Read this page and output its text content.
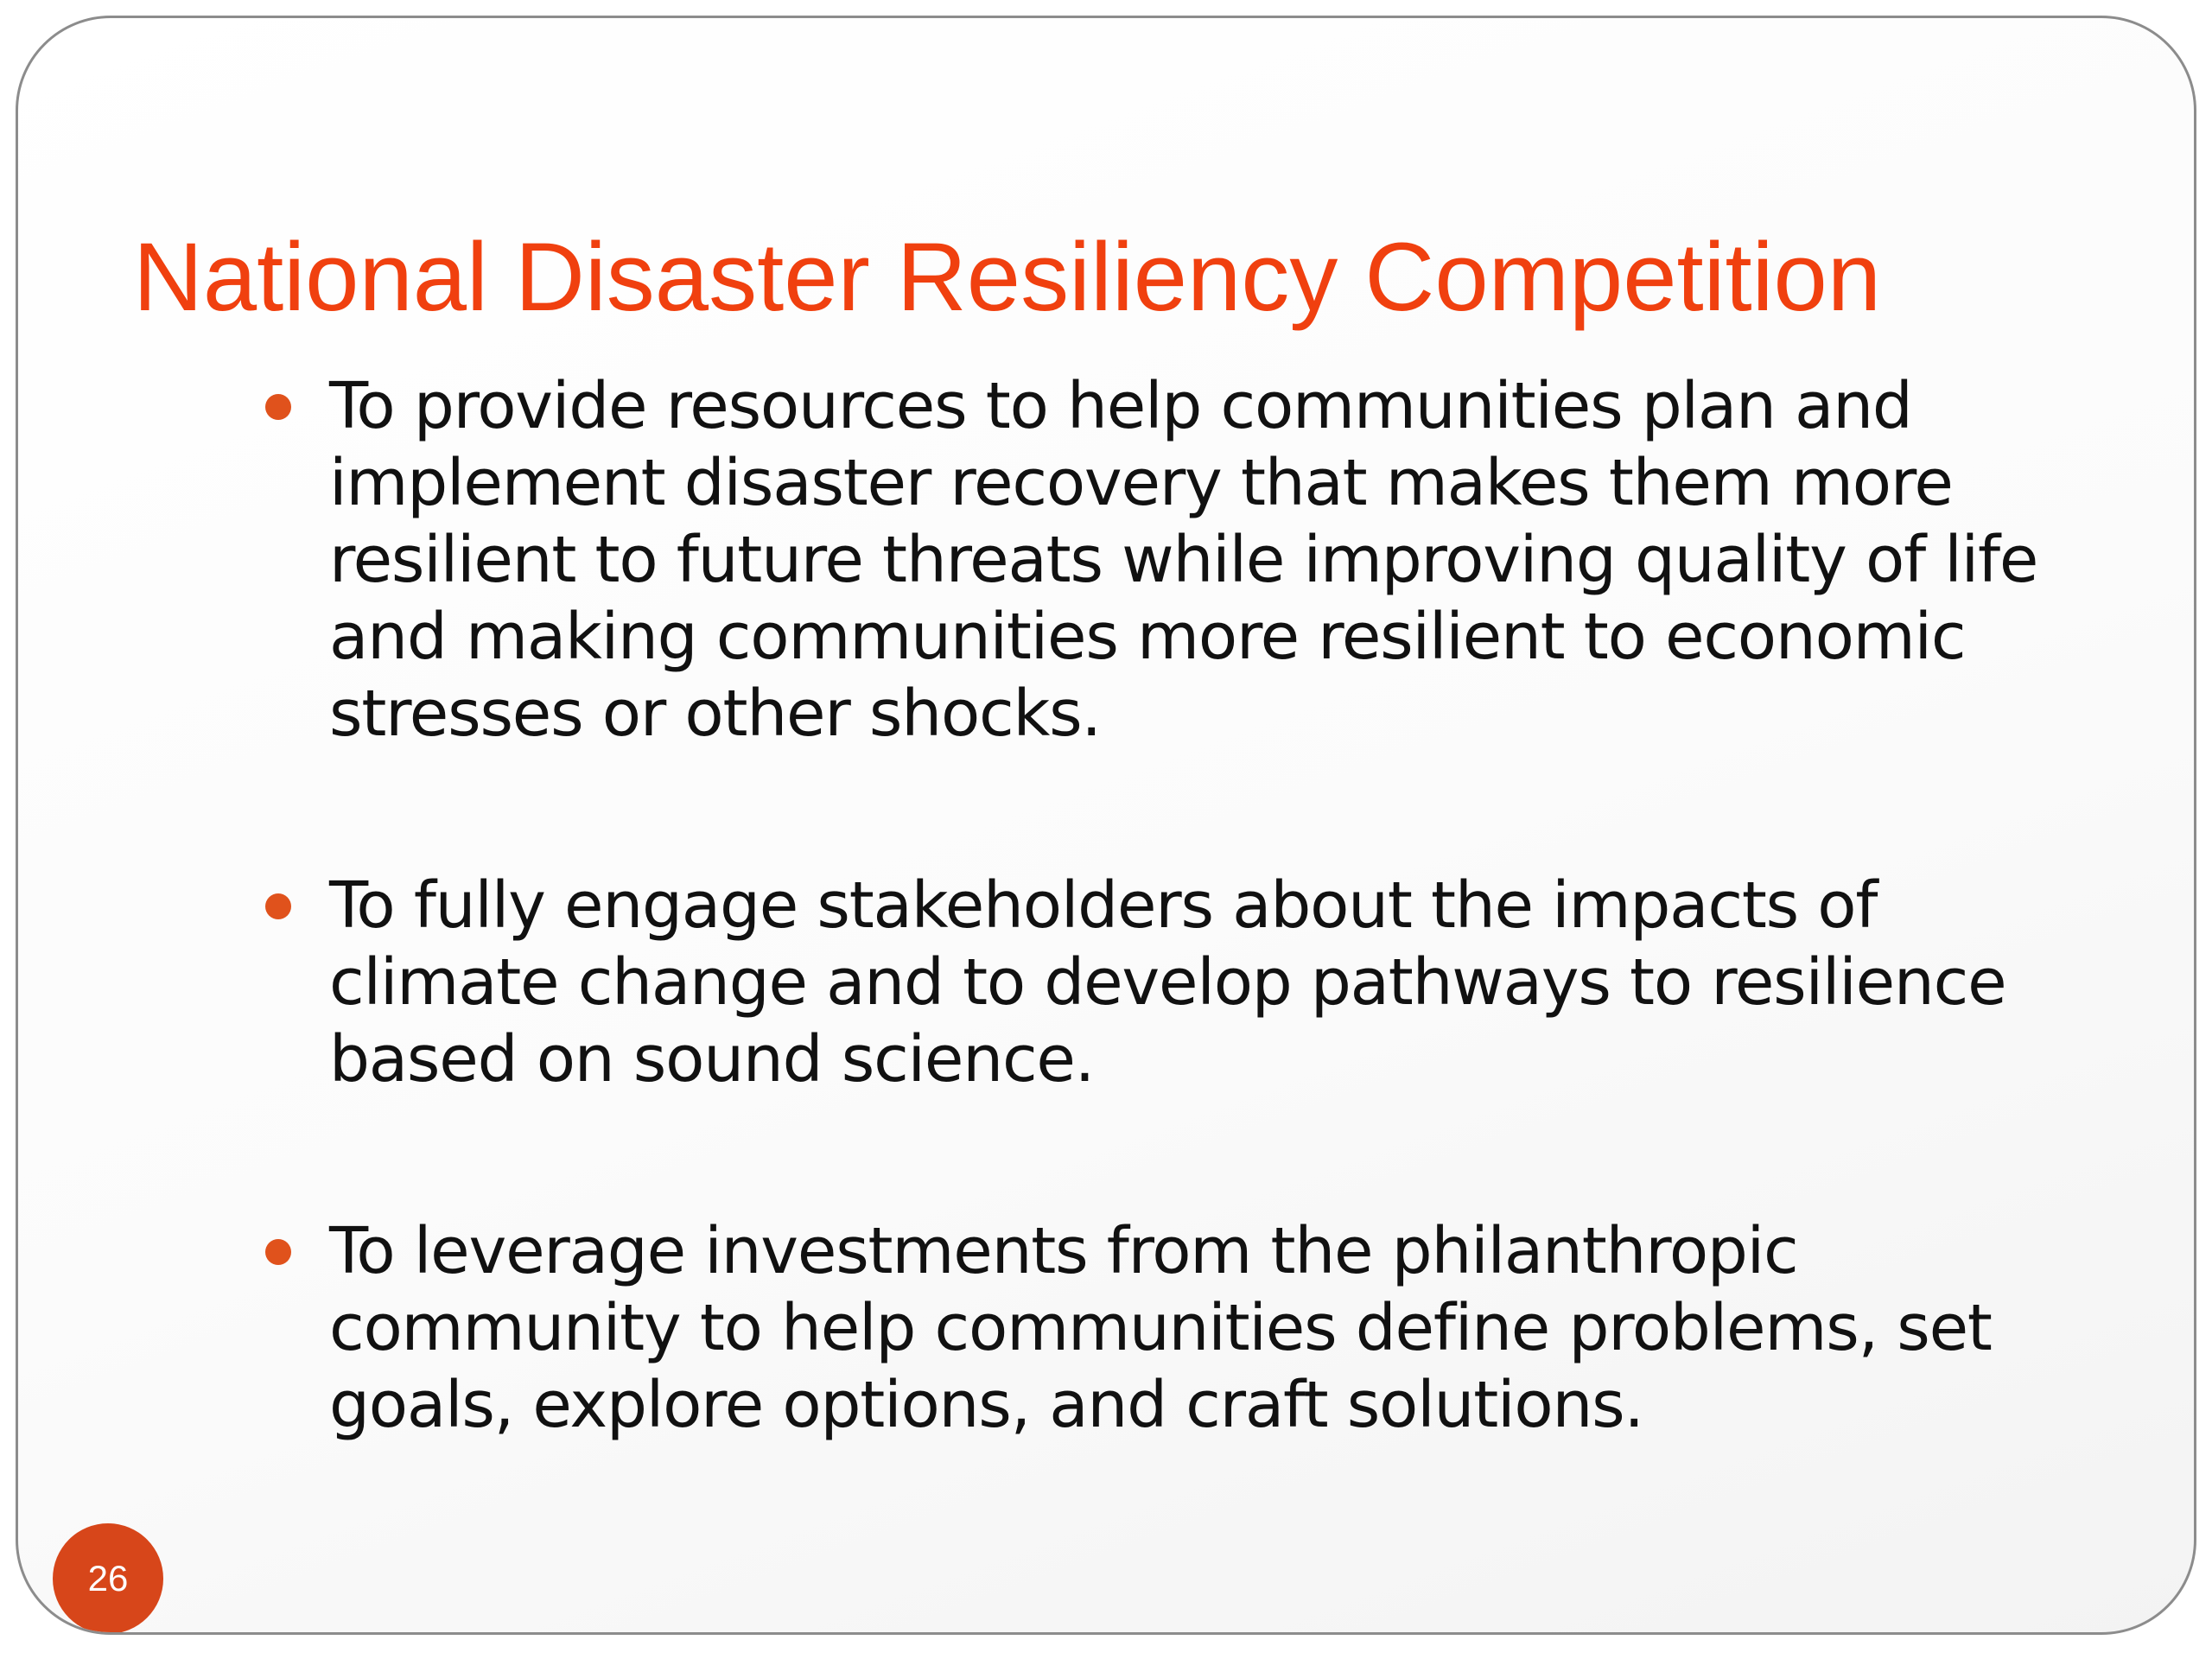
National Disaster Resiliency Competition
To provide resources to help communities plan and implement disaster recovery that makes them more resilient to future threats while improving quality of life and making communities more resilient to economic stresses or other shocks.
To fully engage stakeholders about the impacts of climate change and to develop pathways to resilience based on sound science.
To leverage investments from the philanthropic community to help communities define problems, set goals, explore options, and craft solutions.
26
